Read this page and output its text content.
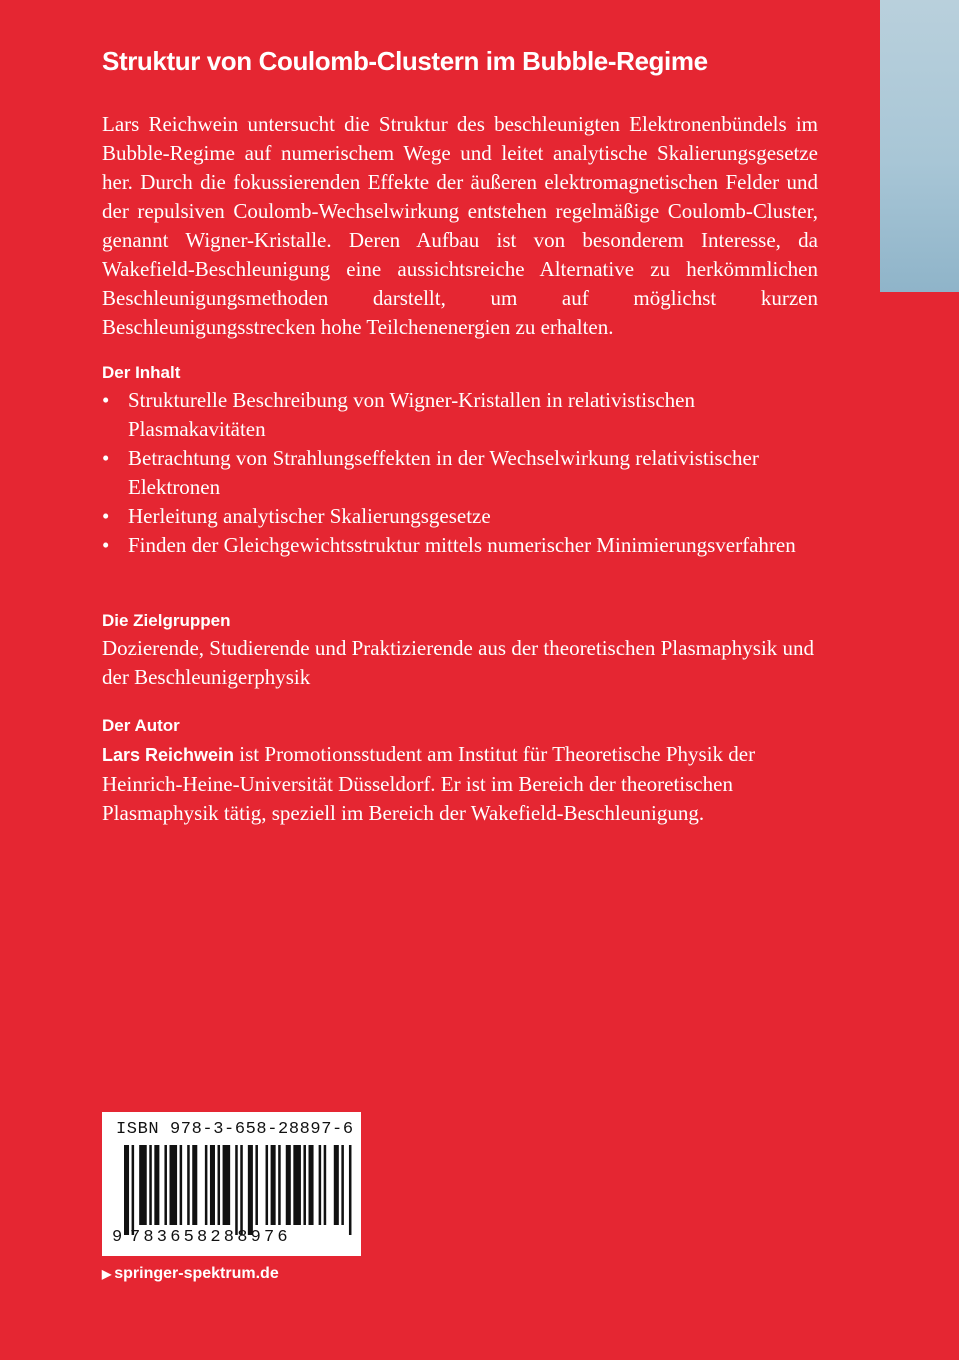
Struktur von Coulomb-Clustern im Bubble-Regime
Lars Reichwein untersucht die Struktur des beschleunigten Elektronenbündels im Bubble-Regime auf numerischem Wege und leitet analytische Skalierungsgesetze her. Durch die fokussierenden Effekte der äußeren elektromagnetischen Felder und der repulsiven Coulomb-Wechselwirkung entstehen regelmäßige Coulomb-Cluster, genannt Wigner-Kristalle. Deren Aufbau ist von besonderem Interesse, da Wakefield-Beschleunigung eine aussichtsreiche Alternative zu herkömmlichen Beschleunigungsmethoden darstellt, um auf möglichst kurzen Beschleunigungsstrecken hohe Teilchenenergien zu erhalten.
Der Inhalt
• Strukturelle Beschreibung von Wigner-Kristallen in relativistischen Plasmakavitäten
• Betrachtung von Strahlungseffekten in der Wechselwirkung relativistischer Elektronen
• Herleitung analytischer Skalierungsgesetze
• Finden der Gleichgewichtsstruktur mittels numerischer Minimierungsverfahren
Die Zielgruppen
Dozierende, Studierende und Praktizierende aus der theoretischen Plasmaphysik und der Beschleunigerphysik
Der Autor
Lars Reichwein ist Promotionsstudent am Institut für Theoretische Physik der Heinrich-Heine-Universität Düsseldorf. Er ist im Bereich der theoretischen Plasmaphysik tätig, speziell im Bereich der Wakefield-Beschleunigung.
ISBN 978-3-658-28897-6
9 783658288976
▶ springer-spektrum.de
